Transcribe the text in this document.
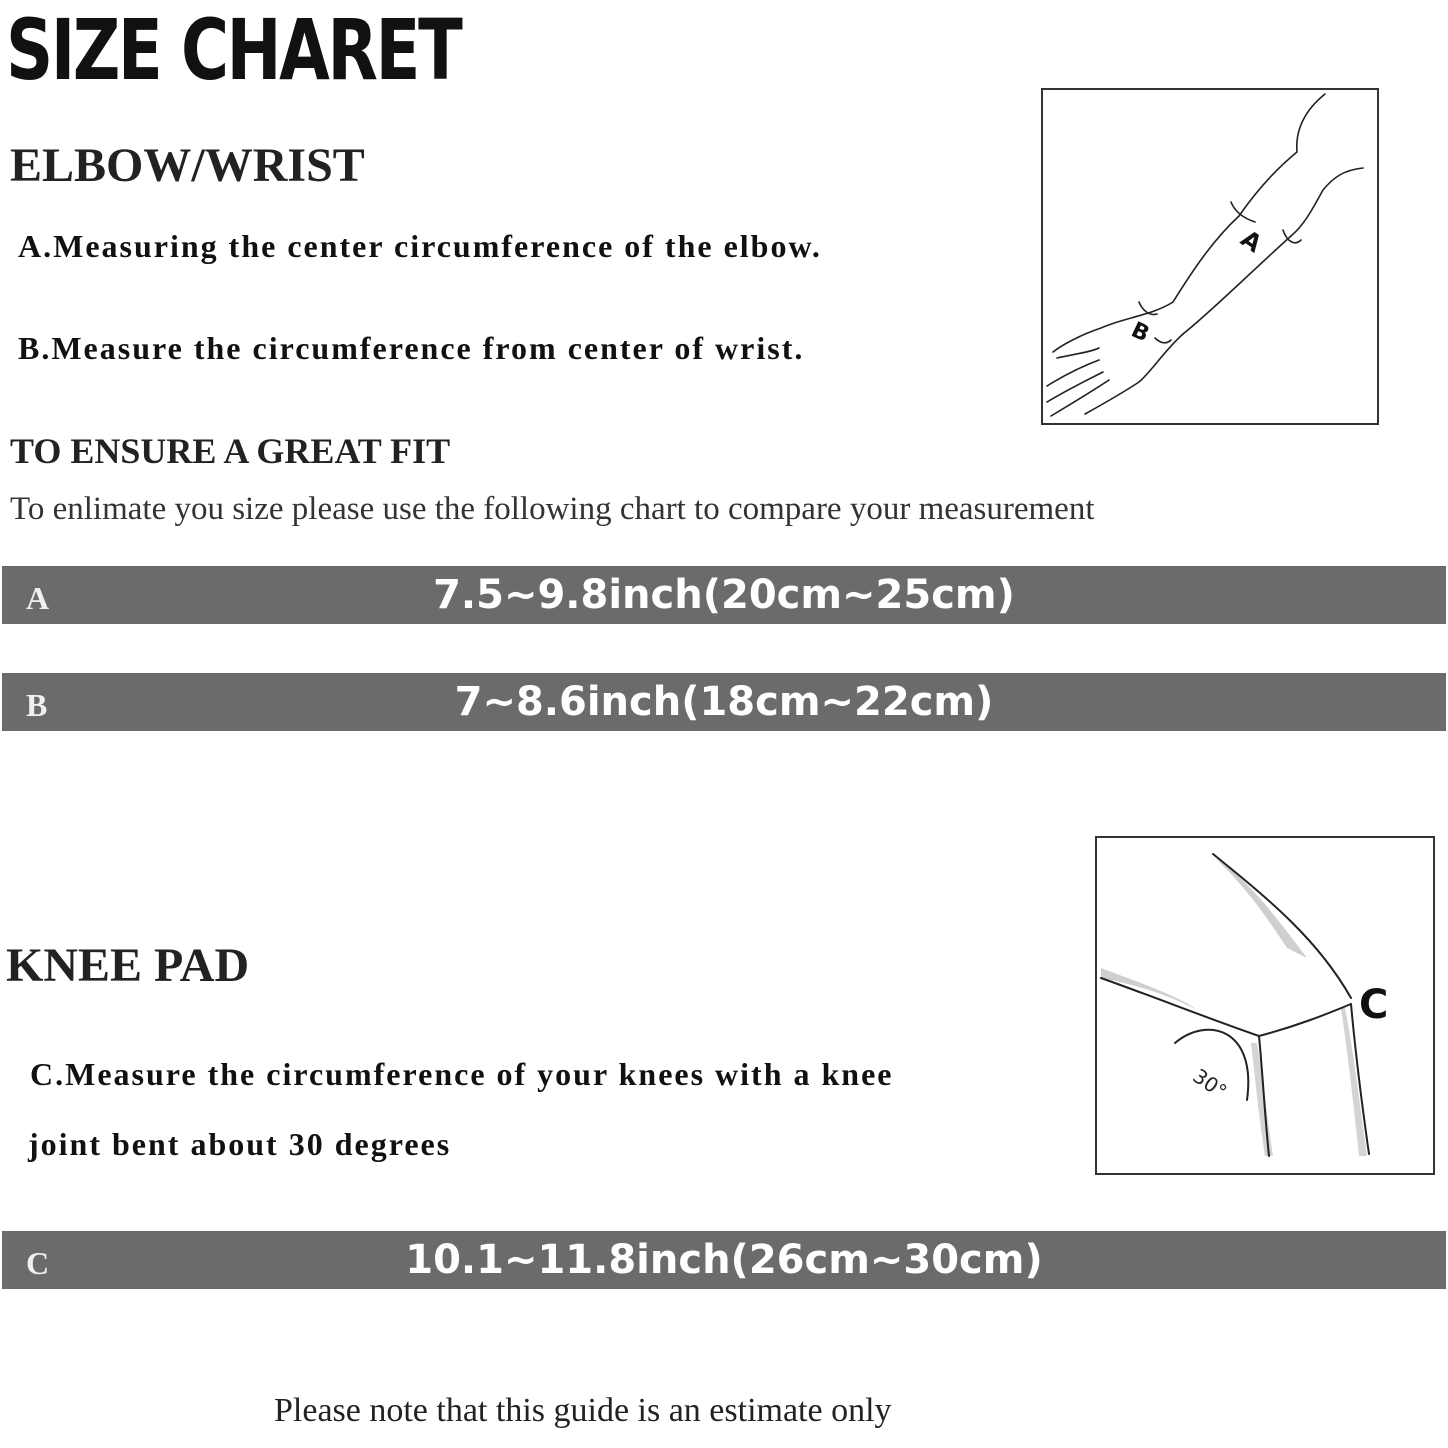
SIZE CHARET
ELBOW/WRIST
A.Measuring the center circumference of the elbow.
B.Measure the circumference from center of wrist.
A
B
TO ENSURE A GREAT FIT
To enlimate you size please use the following chart to compare your measurement
A	7.5~9.8inch(20cm~25cm)
B	7~8.6inch(18cm~22cm)
KNEE PAD
C.Measure the circumference of your knees with a knee
joint bent about 30 degrees
30°
C
C	10.1~11.8inch(26cm~30cm)
Please note that this guide is an estimate only
